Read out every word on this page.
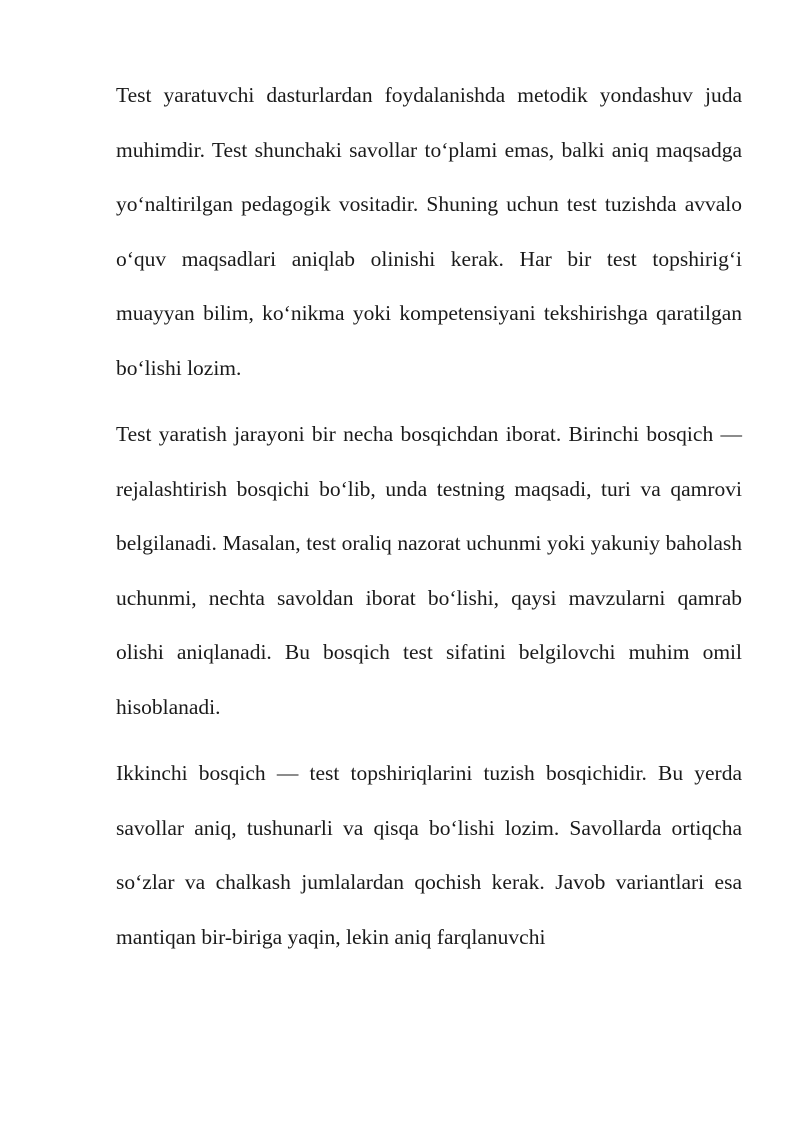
Test yaratuvchi dasturlardan foydalanishda metodik yondashuv juda muhimdir. Test shunchaki savollar to‘plami emas, balki aniq maqsadga yo‘naltirilgan pedagogik vositadir. Shuning uchun test tuzishda avvalo o‘quv maqsadlari aniqlab olinishi kerak. Har bir test topshirig‘i muayyan bilim, ko‘nikma yoki kompetensiyani tekshirishga qaratilgan bo‘lishi lozim.

Test yaratish jarayoni bir necha bosqichdan iborat. Birinchi bosqich — rejalashtirish bosqichi bo‘lib, unda testning maqsadi, turi va qamrovi belgilanadi. Masalan, test oraliq nazorat uchunmi yoki yakuniy baholash uchunmi, nechta savoldan iborat bo‘lishi, qaysi mavzularni qamrab olishi aniqlanadi. Bu bosqich test sifatini belgilovchi muhim omil hisoblanadi.

Ikkinchi bosqich — test topshiriqlarini tuzish bosqichidir. Bu yerda savollar aniq, tushunarli va qisqa bo‘lishi lozim. Savollarda ortiqcha so‘zlar va chalkash jumlalardan qochish kerak. Javob variantlari esa mantiqan bir-biriga yaqin, lekin aniq farqlanuvchi
